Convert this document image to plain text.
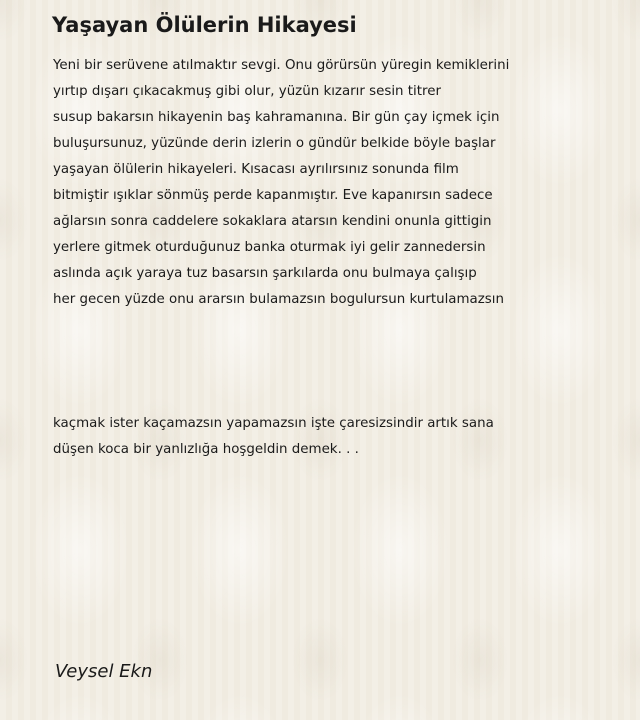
Yaşayan Ölülerin Hikayesi
Yeni bir serüvene atılmaktır sevgi. Onu görürsün yüregin kemiklerini
yırtıp dışarı çıkacakmuş gibi olur, yüzün kızarır sesin titrer
susup bakarsın hikayenin baş kahramanına. Bir gün çay içmek için
buluşursunuz, yüzünde derin izlerin o gündür belkide böyle başlar
yaşayan ölülerin hikayeleri. Kısacası ayrılırsınız sonunda film
bitmiştir ışıklar sönmüş perde kapanmıştır. Eve kapanırsın sadece
ağlarsın sonra caddelere sokaklara atarsın kendini onunla gittigin
yerlere gitmek oturduğunuz banka oturmak iyi gelir zannedersin
aslında açık yaraya tuz basarsın şarkılarda onu bulmaya çalışıp
her gecen yüzde onu ararsın bulamazsın bogulursun kurtulamazsın
kaçmak ister kaçamazsın yapamazsın işte çaresizsindir artık sana
düşen koca bir yanlızlığa hoşgeldin demek. . .
Veysel Ekn
